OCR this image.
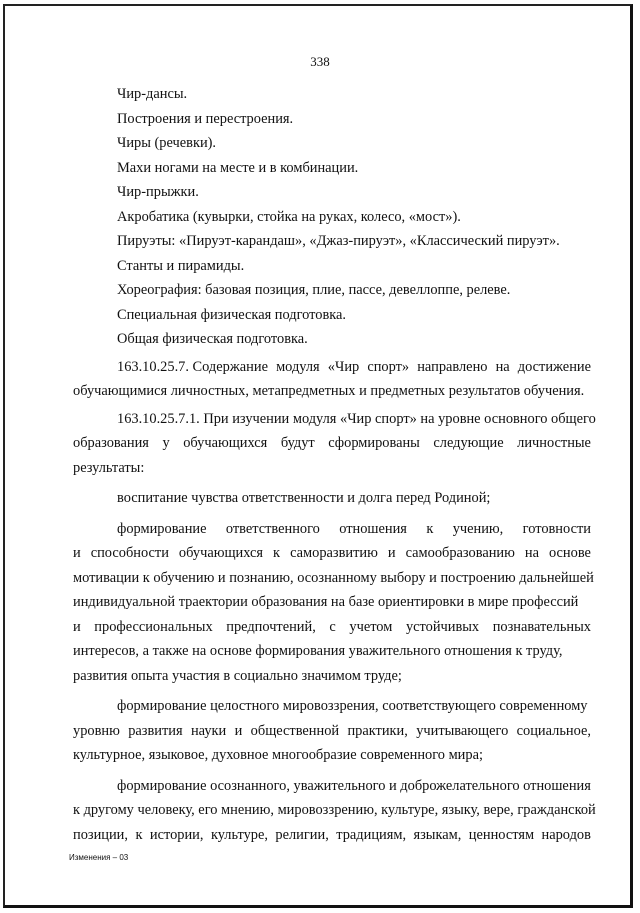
338
Чир-дансы.
Построения и перестроения.
Чиры (речевки).
Махи ногами на месте и в комбинации.
Чир-прыжки.
Акробатика (кувырки, стойка на руках, колесо, «мост»).
Пируэты: «Пируэт-карандаш», «Джаз-пируэт», «Классический пируэт».
Станты и пирамиды.
Хореография: базовая позиция, плие, пассе, девеллоппе, релеве.
Специальная физическая подготовка.
Общая физическая подготовка.
163.10.25.7. Содержание модуля «Чир спорт» направлено на достижение
обучающимися личностных, метапредметных и предметных результатов обучения.
163.10.25.7.1. При изучении модуля «Чир спорт» на уровне основного общего
образования у обучающихся будут сформированы следующие личностные
результаты:
воспитание чувства ответственности и долга перед Родиной;
формирование ответственного отношения к учению, готовности
и способности обучающихся к саморазвитию и самообразованию на основе
мотивации к обучению и познанию, осознанному выбору и построению дальнейшей
индивидуальной траектории образования на базе ориентировки в мире профессий
и профессиональных предпочтений, с учетом устойчивых познавательных
интересов, а также на основе формирования уважительного отношения к труду,
развития опыта участия в социально значимом труде;
формирование целостного мировоззрения, соответствующего современному
уровню развития науки и общественной практики, учитывающего социальное,
культурное, языковое, духовное многообразие современного мира;
формирование осознанного, уважительного и доброжелательного отношения
к другому человеку, его мнению, мировоззрению, культуре, языку, вере, гражданской
позиции, к истории, культуре, религии, традициям, языкам, ценностям народов
Изменения – 03
